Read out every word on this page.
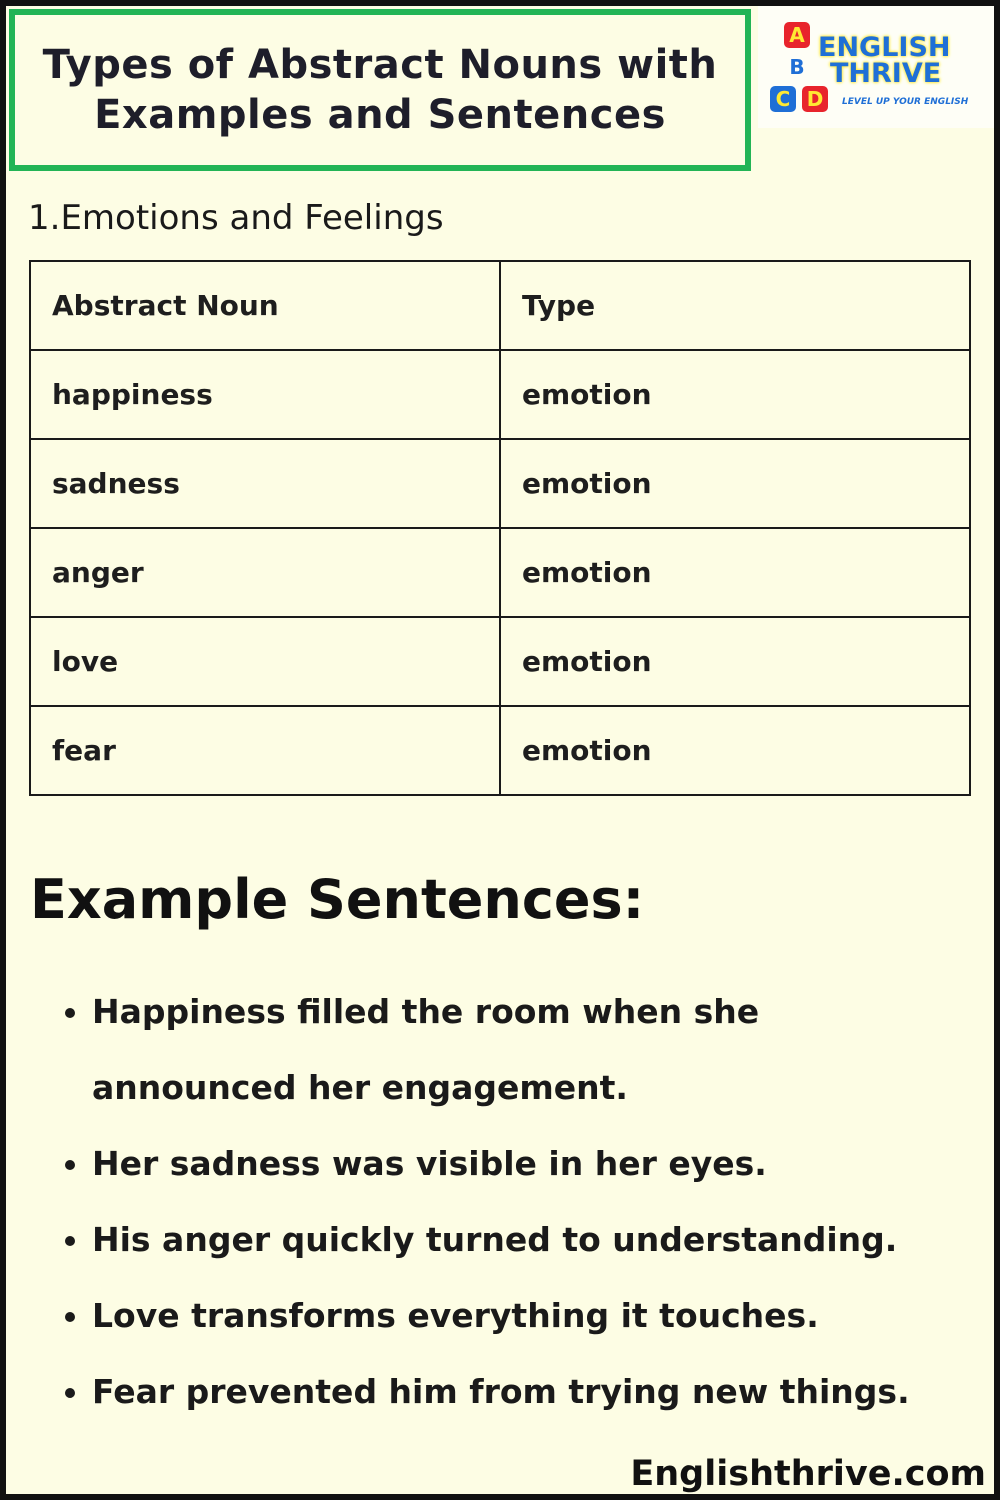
Types of Abstract Nouns with
Examples and Sentences
A
B
C D
ENGLISH
THRIVE
LEVEL UP YOUR ENGLISH
1.Emotions and Feelings
Abstract Noun	Type
happiness	emotion
sadness	emotion
anger	emotion
love	emotion
fear	emotion
Example Sentences:
• Happiness filled the room when she announced her engagement.
• Her sadness was visible in her eyes.
• His anger quickly turned to understanding.
• Love transforms everything it touches.
• Fear prevented him from trying new things.
Englishthrive.com
